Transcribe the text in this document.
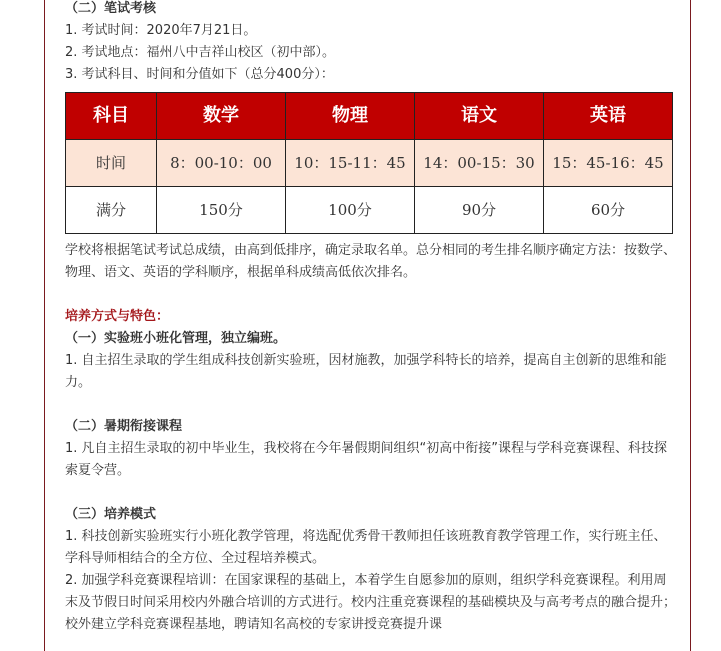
（二）笔试考核

1. 考试时间：2020年7月21日。

2. 考试地点：福州八中吉祥山校区（初中部）。

3. 考试科目、时间和分值如下（总分400分）：

科目	数学	物理	语文	英语
时间	8：00-10：00	10：15-11：45	14：00-15：30	15：45-16：45
满分	150分	100分	90分	60分

学校将根据笔试考试总成绩，由高到低排序，确定录取名单。总分相同的考生排名顺序确定方法：按数学、物理、语文、英语的学科顺序，根据单科成绩高低依次排名。

培养方式与特色：

（一）实验班小班化管理，独立编班。

1. 自主招生录取的学生组成科技创新实验班，因材施教，加强学科特长的培养，提高自主创新的思维和能力。

（二）暑期衔接课程

1. 凡自主招生录取的初中毕业生，我校将在今年暑假期间组织“初高中衔接”课程与学科竞赛课程、科技探索夏令营。

（三）培养模式

1. 科技创新实验班实行小班化教学管理，将选配优秀骨干教师担任该班教育教学管理工作，实行班主任、学科导师相结合的全方位、全过程培养模式。

2. 加强学科竞赛课程培训：在国家课程的基础上，本着学生自愿参加的原则，组织学科竞赛课程。利用周末及节假日时间采用校内外融合培训的方式进行。校内注重竞赛课程的基础模块及与高考考点的融合提升；校外建立学科竞赛课程基地，聘请知名高校的专家讲授竞赛提升课
